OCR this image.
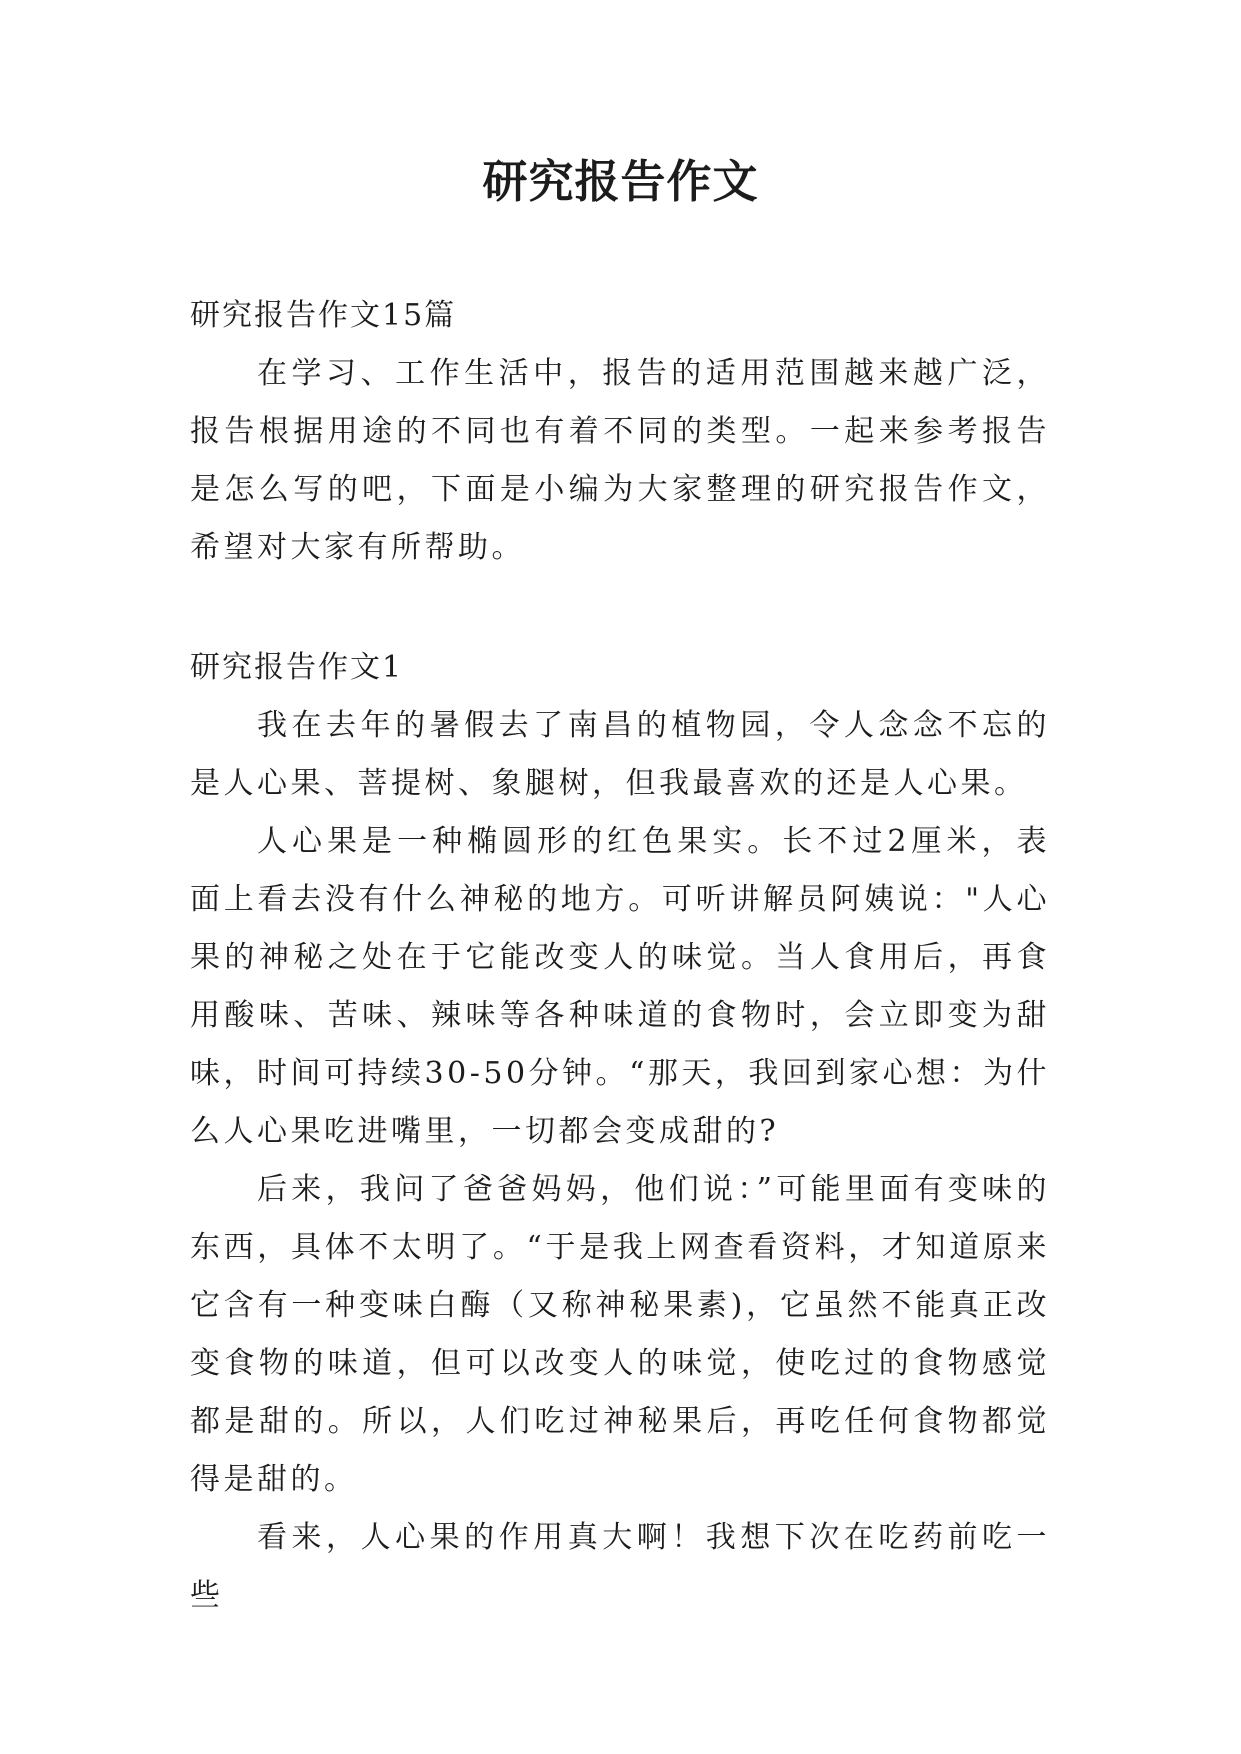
研究报告作文

研究报告作文15篇

在学习、工作生活中，报告的适用范围越来越广泛，报告根据用途的不同也有着不同的类型。一起来参考报告是怎么写的吧，下面是小编为大家整理的研究报告作文，希望对大家有所帮助。

研究报告作文1

我在去年的暑假去了南昌的植物园，令人念念不忘的是人心果、菩提树、象腿树，但我最喜欢的还是人心果。

人心果是一种椭圆形的红色果实。长不过2厘米，表面上看去没有什么神秘的地方。可听讲解员阿姨说："人心果的神秘之处在于它能改变人的味觉。当人食用后，再食用酸味、苦味、辣味等各种味道的食物时，会立即变为甜味，时间可持续30-50分钟。“那天，我回到家心想：为什么人心果吃进嘴里，一切都会变成甜的?

后来，我问了爸爸妈妈，他们说：”可能里面有变味的东西，具体不太明了。“于是我上网查看资料，才知道原来它含有一种变味白酶（又称神秘果素)，它虽然不能真正改变食物的味道，但可以改变人的味觉，使吃过的食物感觉都是甜的。所以，人们吃过神秘果后，再吃任何食物都觉得是甜的。

看来，人心果的作用真大啊！我想下次在吃药前吃一些
